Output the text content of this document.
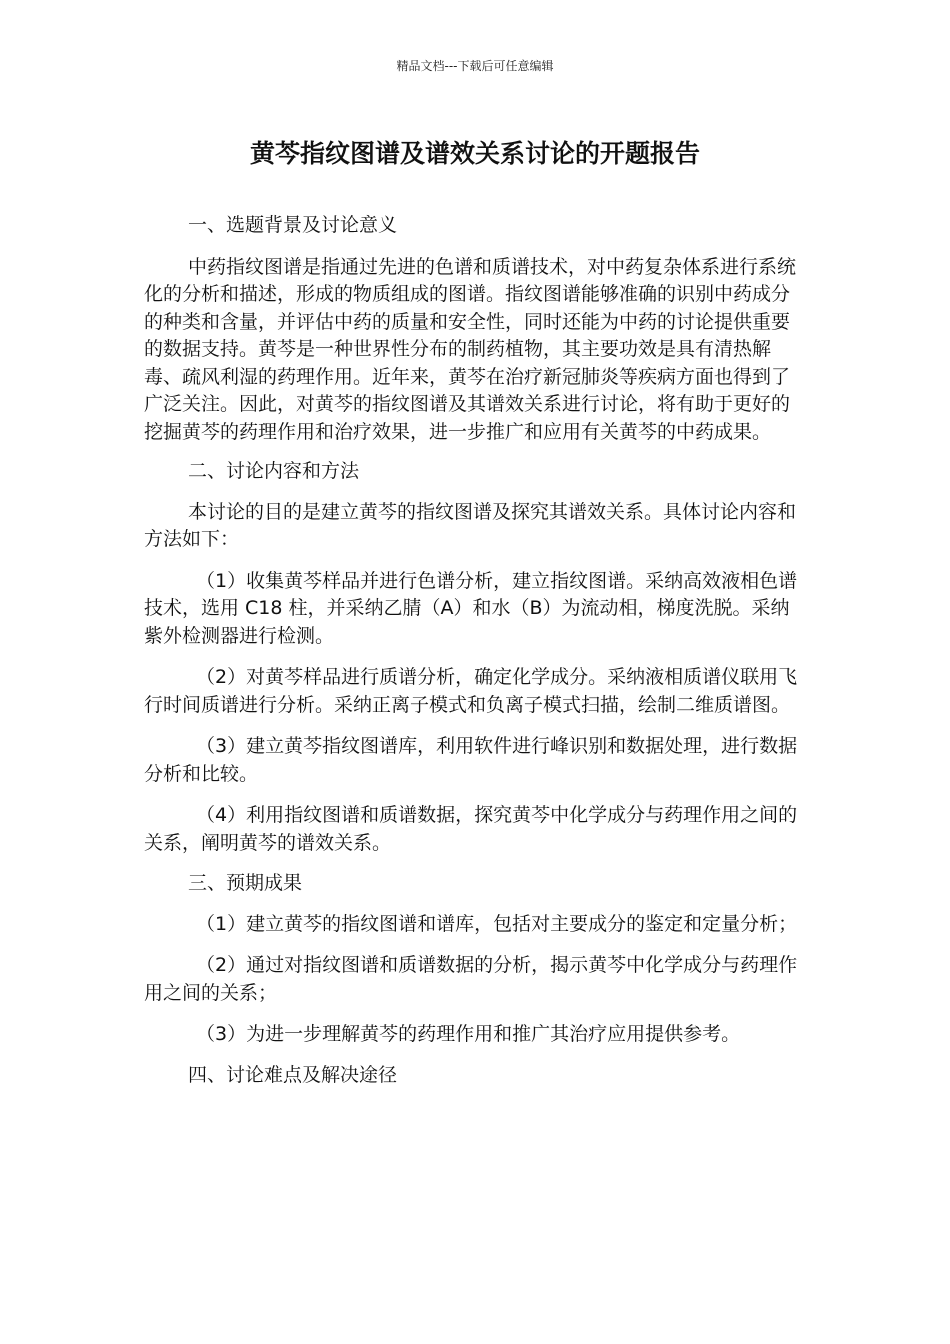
精品文档---下载后可任意编辑
黄芩指纹图谱及谱效关系讨论的开题报告

一、选题背景及讨论意义

中药指纹图谱是指通过先进的色谱和质谱技术，对中药复杂体系进行系统化的分析和描述，形成的物质组成的图谱。指纹图谱能够准确的识别中药成分的种类和含量，并评估中药的质量和安全性，同时还能为中药的讨论提供重要的数据支持。黄芩是一种世界性分布的制药植物，其主要功效是具有清热解毒、疏风利湿的药理作用。近年来，黄芩在治疗新冠肺炎等疾病方面也得到了广泛关注。因此，对黄芩的指纹图谱及其谱效关系进行讨论，将有助于更好的挖掘黄芩的药理作用和治疗效果，进一步推广和应用有关黄芩的中药成果。

二、讨论内容和方法

本讨论的目的是建立黄芩的指纹图谱及探究其谱效关系。具体讨论内容和方法如下：

（1）收集黄芩样品并进行色谱分析，建立指纹图谱。采纳高效液相色谱技术，选用 C18 柱，并采纳乙腈（A）和水（B）为流动相，梯度洗脱。采纳紫外检测器进行检测。

（2）对黄芩样品进行质谱分析，确定化学成分。采纳液相质谱仪联用飞行时间质谱进行分析。采纳正离子模式和负离子模式扫描，绘制二维质谱图。

（3）建立黄芩指纹图谱库，利用软件进行峰识别和数据处理，进行数据分析和比较。

（4）利用指纹图谱和质谱数据，探究黄芩中化学成分与药理作用之间的关系，阐明黄芩的谱效关系。

三、预期成果

（1）建立黄芩的指纹图谱和谱库，包括对主要成分的鉴定和定量分析；

（2）通过对指纹图谱和质谱数据的分析，揭示黄芩中化学成分与药理作用之间的关系；

（3）为进一步理解黄芩的药理作用和推广其治疗应用提供参考。

四、讨论难点及解决途径
